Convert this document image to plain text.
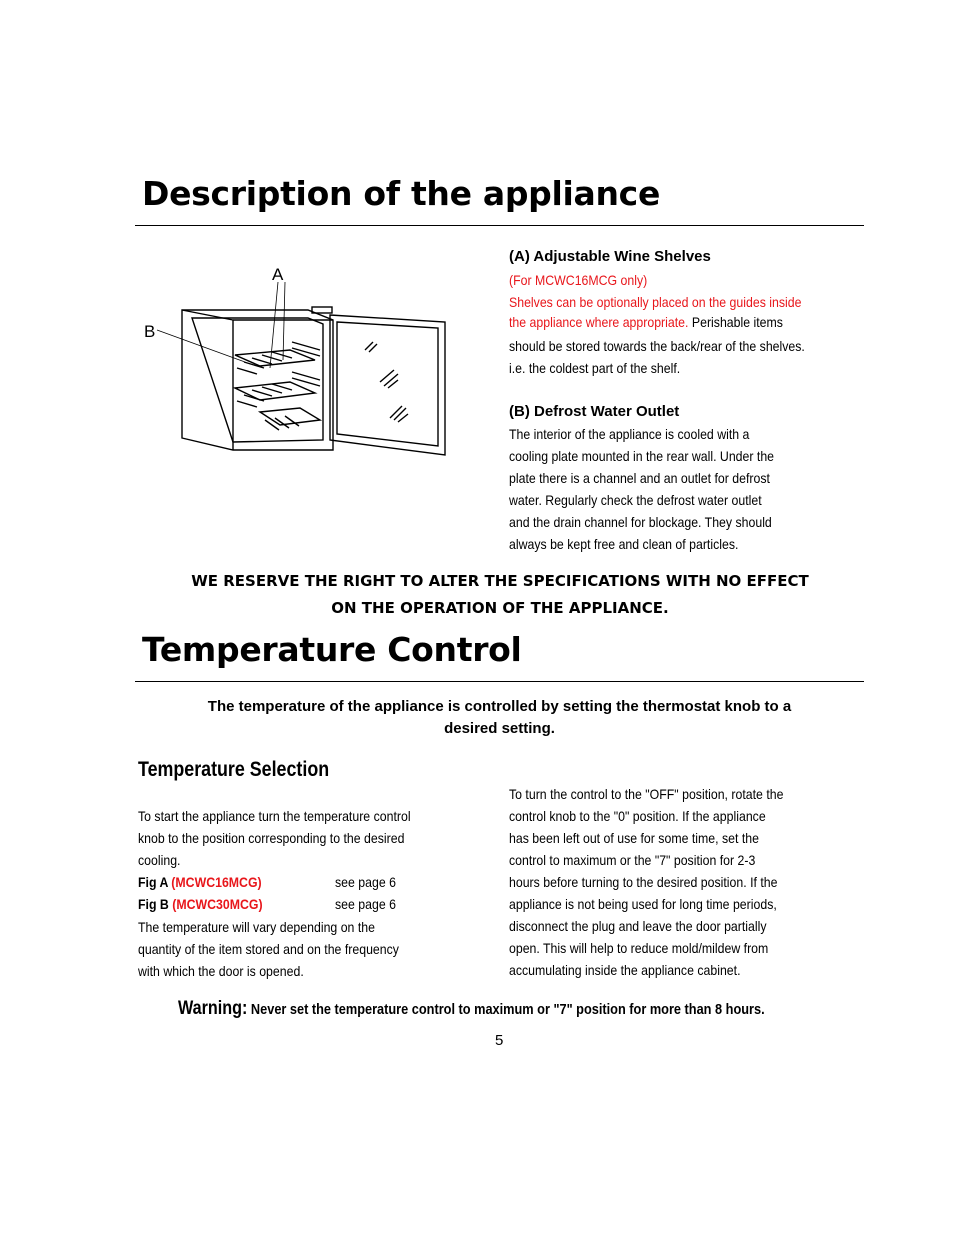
Description of the appliance
A
B
(A) Adjustable Wine Shelves
(For MCWC16MCG only)
Shelves can be optionally placed on the guides inside
the appliance where appropriate. Perishable items
should be stored towards the back/rear of the shelves.
i.e. the coldest part of the shelf.
(B) Defrost Water Outlet
The interior of the appliance is cooled with a
cooling plate mounted in the rear wall. Under the
plate there is a channel and an outlet for defrost
water. Regularly check the defrost water outlet
and the drain channel for blockage. They should
always be kept free and clean of particles.
WE RESERVE THE RIGHT TO ALTER THE SPECIFICATIONS WITH NO EFFECT
ON THE OPERATION OF THE APPLIANCE.
Temperature Control
The temperature of the appliance is controlled by setting the thermostat knob to a
desired setting.
Temperature Selection
To start the appliance turn the temperature control
knob to the position corresponding to the desired
cooling.
Fig A (MCWC16MCG)	see page 6
Fig B (MCWC30MCG)	see page 6
The temperature will vary depending on the
quantity of the item stored and on the frequency
with which the door is opened.
To turn the control to the "OFF" position, rotate the
control knob to the "0" position. If the appliance
has been left out of use for some time, set the
control to maximum or the "7" position for 2-3
hours before turning to the desired position. If the
appliance is not being used for long time periods,
disconnect the plug and leave the door partially
open. This will help to reduce mold/mildew from
accumulating inside the appliance cabinet.
Warning: Never set the temperature control to maximum or "7" position for more than 8 hours.
5
